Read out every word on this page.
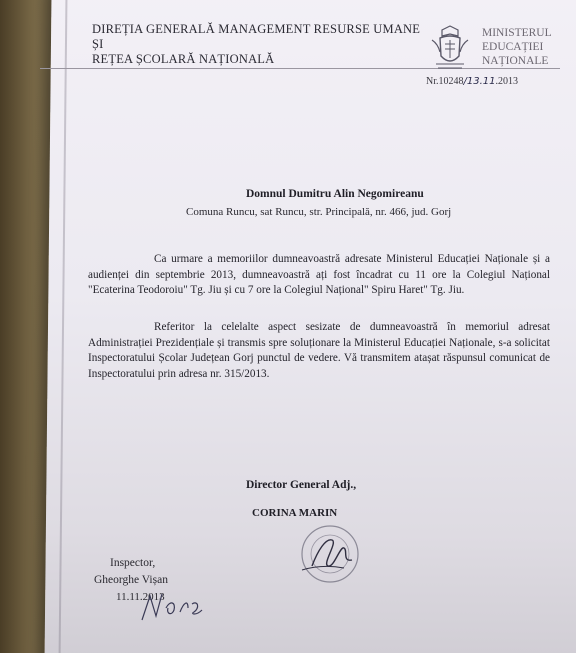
DIREȚIA GENERALĂ MANAGEMENT RESURSE UMANE ȘI
REȚEA ȘCOLARĂ NAȚIONALĂ
MINISTERUL
EDUCAȚIEI
NAȚIONALE
Nr.10248/13.11.2013
Domnul Dumitru Alin Negomireanu
Comuna Runcu, sat Runcu, str. Principală, nr. 466, jud. Gorj
Ca urmare a memoriilor dumneavoastră adresate Ministerul Educației Naționale și a audienței din septembrie 2013, dumneavoastră ați fost încadrat cu 11 ore la Colegiul Național "Ecaterina Teodoroiu" Tg. Jiu și cu 7 ore la Colegiul Național" Spiru Haret" Tg. Jiu.
Referitor la celelalte aspect sesizate de dumneavoastră în memoriul adresat Administrației Prezidențiale și transmis spre soluționare la Ministerul Educației Naționale, s-a solicitat Inspectoratului Școlar Județean Gorj punctul de vedere. Vă transmitem atașat răspunsul comunicat de Inspectoratului prin adresa nr. 315/2013.
Director General Adj.,
CORINA MARIN
Inspector,
Gheorghe Vișan
11.11.2013
